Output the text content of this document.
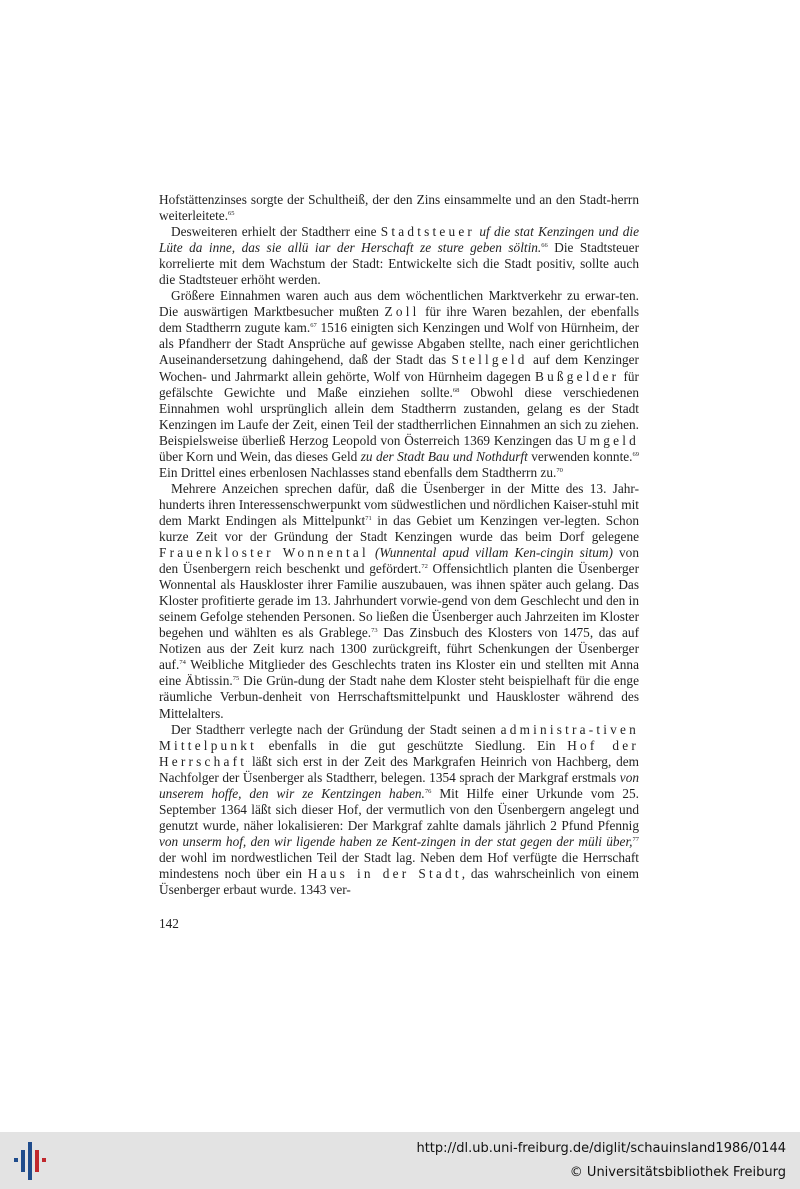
Hofstättenzinses sorgte der Schultheiß, der den Zins einsammelte und an den Stadt-herrn weiterleitete.$^{65}$

Desweiteren erhielt der Stadtherr eine Stadtsteuer uf die stat Kenzingen und die Lüte da inne, das sie allü iar der Herschaft ze sture geben söltin.$^{66}$ Die Stadtsteuer korrelierte mit dem Wachstum der Stadt: Entwickelte sich die Stadt positiv, sollte auch die Stadtsteuer erhöht werden.

Größere Einnahmen waren auch aus dem wöchentlichen Marktverkehr zu erwar-ten. Die auswärtigen Marktbesucher mußten Zoll für ihre Waren bezahlen, der ebenfalls dem Stadtherrn zugute kam.$^{67}$ 1516 einigten sich Kenzingen und Wolf von Hürnheim, der als Pfandherr der Stadt Ansprüche auf gewisse Abgaben stellte, nach einer gerichtlichen Auseinandersetzung dahingehend, daß der Stadt das Stellgeld auf dem Kenzinger Wochen- und Jahrmarkt allein gehörte, Wolf von Hürnheim dagegen Bußgelder für gefälschte Gewichte und Maße einziehen sollte.$^{68}$ Obwohl diese verschiedenen Einnahmen wohl ursprünglich allein dem Stadtherrn zustanden, gelang es der Stadt Kenzingen im Laufe der Zeit, einen Teil der stadtherrlichen Einnahmen an sich zu ziehen. Beispielsweise überließ Herzog Leopold von Österreich 1369 Kenzingen das Umgeld über Korn und Wein, das dieses Geld zu der Stadt Bau und Nothdurft verwenden konnte.$^{69}$ Ein Drittel eines erbenlosen Nachlasses stand ebenfalls dem Stadtherrn zu.$^{70}$

Mehrere Anzeichen sprechen dafür, daß die Üsenberger in der Mitte des 13. Jahr-hunderts ihren Interessenschwerpunkt vom südwestlichen und nördlichen Kaiser-stuhl mit dem Markt Endingen als Mittelpunkt$^{71}$ in das Gebiet um Kenzingen ver-legten. Schon kurze Zeit vor der Gründung der Stadt Kenzingen wurde das beim Dorf gelegene Frauenkloster Wonnental (Wunnental apud villam Ken-cingin situm) von den Üsenbergern reich beschenkt und gefördert.$^{72}$ Offensichtlich planten die Üsenberger Wonnental als Hauskloster ihrer Familie auszubauen, was ihnen später auch gelang. Das Kloster profitierte gerade im 13. Jahrhundert vorwie-gend von dem Geschlecht und den in seinem Gefolge stehenden Personen. So ließen die Üsenberger auch Jahrzeiten im Kloster begehen und wählten es als Grablege.$^{73}$ Das Zinsbuch des Klosters von 1475, das auf Notizen aus der Zeit kurz nach 1300 zurückgreift, führt Schenkungen der Üsenberger auf.$^{74}$ Weibliche Mitglieder des Geschlechts traten ins Kloster ein und stellten mit Anna eine Äbtissin.$^{75}$ Die Grün-dung der Stadt nahe dem Kloster steht beispielhaft für die enge räumliche Verbun-denheit von Herrschaftsmittelpunkt und Hauskloster während des Mittelalters.

Der Stadtherr verlegte nach der Gründung der Stadt seinen administra-tiven Mittelpunkt ebenfalls in die gut geschützte Siedlung. Ein Hof der Herrschaft läßt sich erst in der Zeit des Markgrafen Heinrich von Hachberg, dem Nachfolger der Üsenberger als Stadtherr, belegen. 1354 sprach der Markgraf erstmals von unserem hoffe, den wir ze Kentzingen haben.$^{76}$ Mit Hilfe einer Urkunde vom 25. September 1364 läßt sich dieser Hof, der vermutlich von den Üsenbergern angelegt und genutzt wurde, näher lokalisieren: Der Markgraf zahlte damals jährlich 2 Pfund Pfennig von unserm hof, den wir ligende haben ze Kent-zingen in der stat gegen der müli über,$^{77}$ der wohl im nordwestlichen Teil der Stadt lag. Neben dem Hof verfügte die Herrschaft mindestens noch über ein Haus in der Stadt, das wahrscheinlich von einem Üsenberger erbaut wurde. 1343 ver-

142
http://dl.ub.uni-freiburg.de/diglit/schauinsland1986/0144
© Universitätsbibliothek Freiburg
